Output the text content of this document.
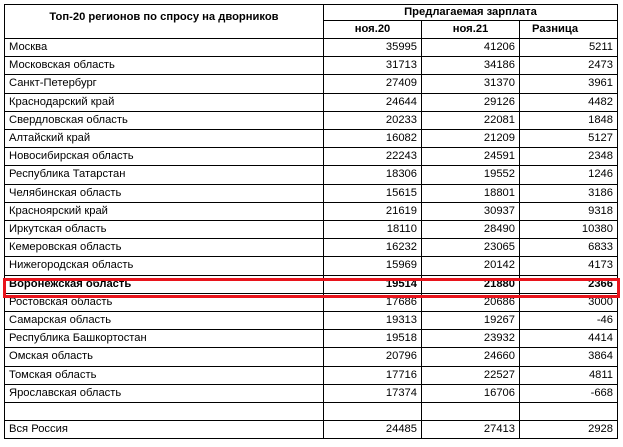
Топ-20 регионов по спросу на дворников	Предлагаемая зарплата		
	ноя.20	ноя.21	Разница
Москва	35995	41206	5211
Московская область	31713	34186	2473
Санкт-Петербург	27409	31370	3961
Краснодарский край	24644	29126	4482
Свердловская область	20233	22081	1848
Алтайский край	16082	21209	5127
Новосибирская область	22243	24591	2348
Республика Татарстан	18306	19552	1246
Челябинская область	15615	18801	3186
Красноярский край	21619	30937	9318
Иркутская область	18110	28490	10380
Кемеровская область	16232	23065	6833
Нижегородская область	15969	20142	4173
Воронежская область	19514	21880	2366
Ростовская область	17686	20686	3000
Самарская область	19313	19267	-46
Республика Башкортостан	19518	23932	4414
Омская область	20796	24660	3864
Томская область	17716	22527	4811
Ярославская область	17374	16706	-668

Вся Россия	24485	27413	2928
